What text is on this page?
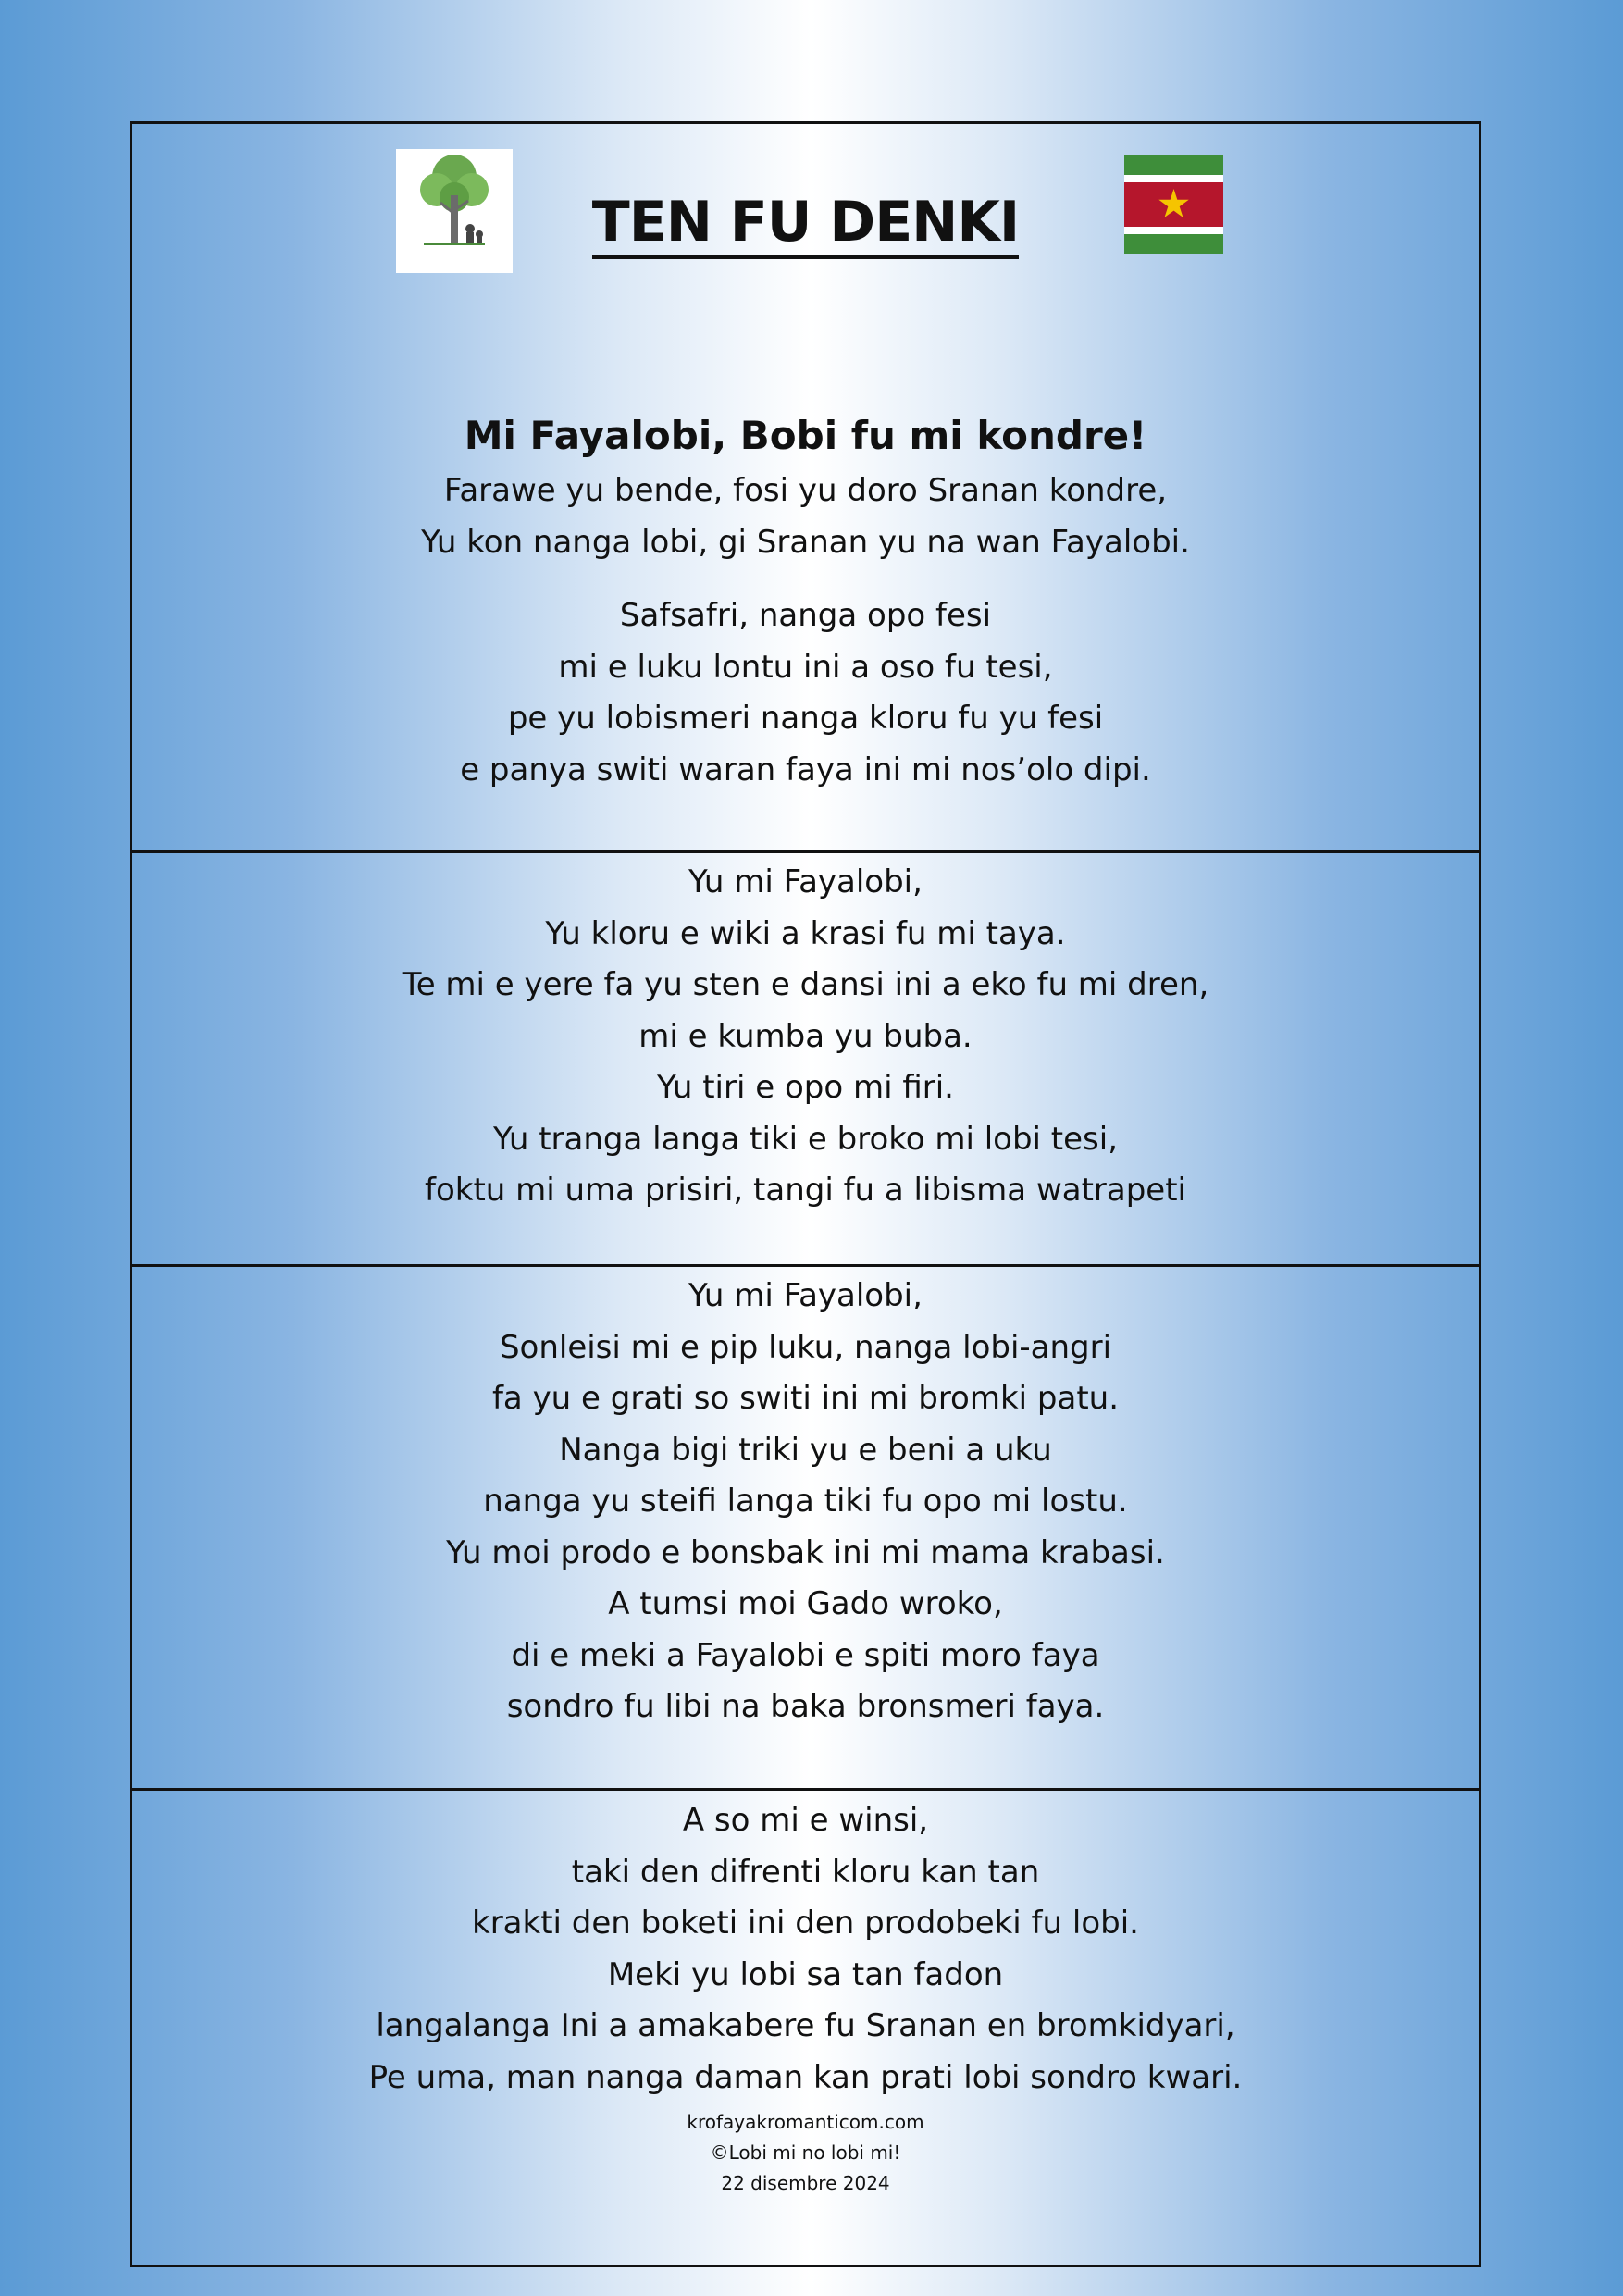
TEN FU DENKI
Mi Fayalobi, Bobi fu mi kondre!
Farawe yu bende, fosi yu doro Sranan kondre,
Yu kon nanga lobi, gi Sranan yu na wan Fayalobi.
Safsafri, nanga opo fesi
mi e luku lontu ini a oso fu tesi,
pe yu lobismeri nanga kloru fu yu fesi
e panya switi waran faya ini mi nos’olo dipi.
Yu mi Fayalobi,
Yu kloru e wiki a krasi fu mi taya.
Te mi e yere fa yu sten e dansi ini a eko fu mi dren,
mi e kumba yu buba.
Yu tiri e opo mi firi.
Yu tranga langa tiki e broko mi lobi tesi,
foktu mi uma prisiri, tangi fu a libisma watrapeti
Yu mi Fayalobi,
Sonleisi mi e pip luku, nanga lobi-angri
fa yu e grati so switi ini mi bromki patu.
Nanga bigi triki yu e beni a uku
nanga yu steifi langa tiki fu opo mi lostu.
Yu moi prodo e bonsbak ini mi mama krabasi.
A tumsi moi Gado wroko,
di e meki a Fayalobi e spiti moro faya
sondro fu libi na baka bronsmeri faya.
A so mi e winsi,
taki den difrenti kloru kan tan
krakti den boketi ini den prodobeki fu lobi.
Meki yu lobi sa tan fadon
langalanga Ini a amakabere fu Sranan en bromkidyari,
Pe uma, man nanga daman kan prati lobi sondro kwari.
krofayakromanticom.com
©Lobi mi no lobi mi!
22 disembre 2024
